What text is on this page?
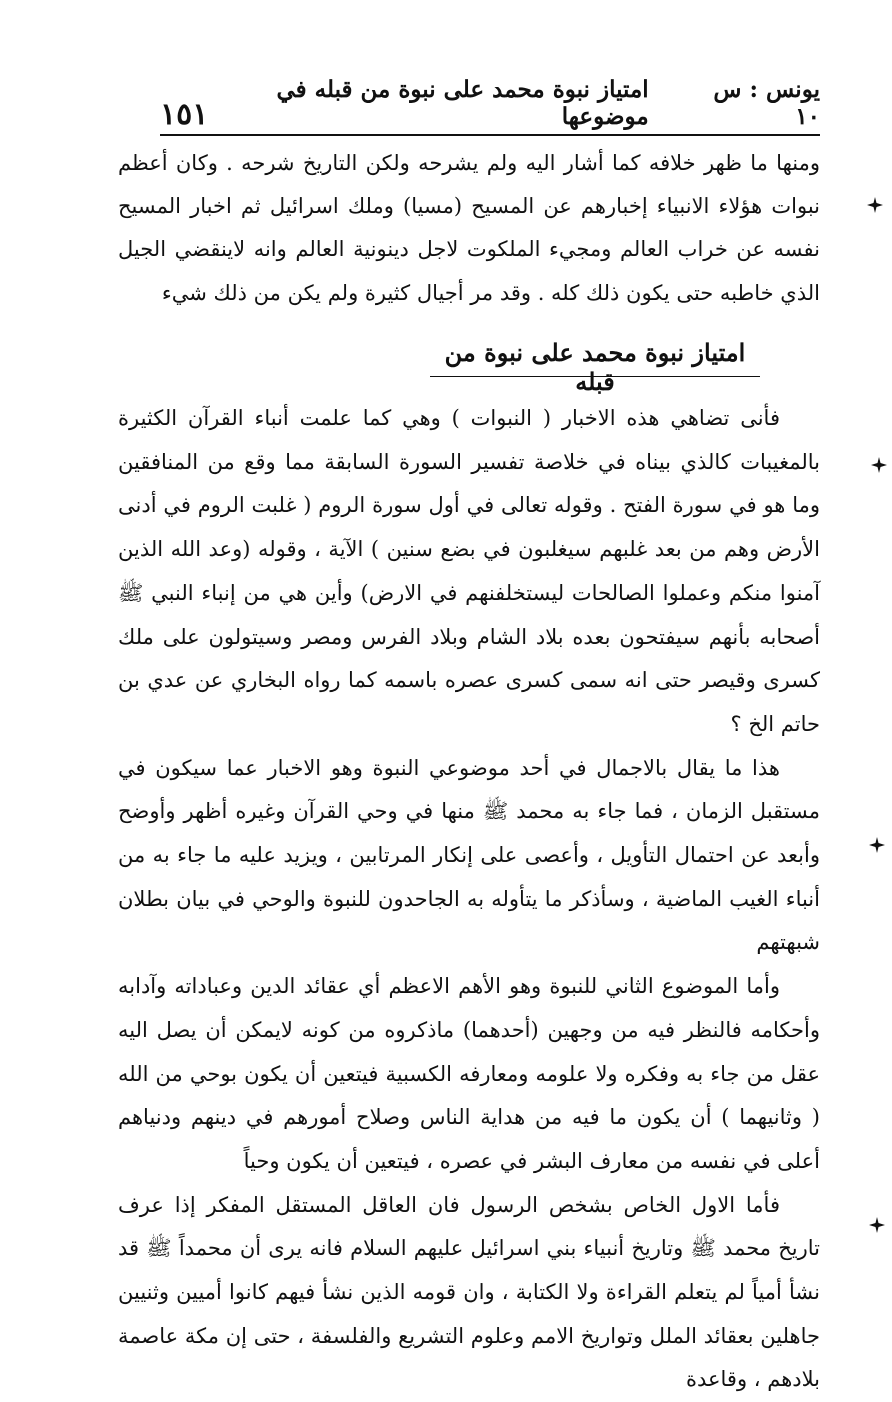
يونس : س ١٠
امتياز نبوة محمد على نبوة من قبله في موضوعها
١٥١

ومنها ما ظهر خلافه كما أشار اليه ولم يشرحه ولكن التاريخ شرحه . وكان أعظم نبوات هؤلاء الانبياء إخبارهم عن المسيح (مسيا) وملك اسرائيل ثم اخبار المسيح نفسه عن خراب العالم ومجيء الملكوت لاجل دينونية العالم وانه لاينقضي الجيل الذي خاطبه حتى يكون ذلك كله . وقد مر أجيال كثيرة ولم يكن من ذلك شيء

امتياز نبوة محمد على نبوة من قبله

فأنى تضاهي هذه الاخبار ( النبوات ) وهي كما علمت أنباء القرآن الكثيرة بالمغيبات كالذي بيناه في خلاصة تفسير السورة السابقة مما وقع من المنافقين وما هو في سورة الفتح . وقوله تعالى في أول سورة الروم ( غلبت الروم في أدنى الأرض وهم من بعد غلبهم سيغلبون في بضع سنين ) الآية ، وقوله (وعد الله الذين آمنوا منكم وعملوا الصالحات ليستخلفنهم في الارض) وأين هي من إنباء النبي ﷺ أصحابه بأنهم سيفتحون بعده بلاد الشام وبلاد الفرس ومصر وسيتولون على ملك كسرى وقيصر حتى انه سمى كسرى عصره باسمه كما رواه البخاري عن عدي بن حاتم الخ ؟

هذا ما يقال بالاجمال في أحد موضوعي النبوة وهو الاخبار عما سيكون في مستقبل الزمان ، فما جاء به محمد ﷺ منها في وحي القرآن وغيره أظهر وأوضح وأبعد عن احتمال التأويل ، وأعصى على إنكار المرتابين ، ويزيد عليه ما جاء به من أنباء الغيب الماضية ، وسأذكر ما يتأوله به الجاحدون للنبوة والوحي في بيان بطلان شبهتهم

وأما الموضوع الثاني للنبوة وهو الأهم الاعظم أي عقائد الدين وعباداته وآدابه وأحكامه فالنظر فيه من وجهين (أحدهما) ماذكروه من كونه لايمكن أن يصل اليه عقل من جاء به وفكره ولا علومه ومعارفه الكسبية فيتعين أن يكون بوحي من الله ( وثانيهما ) أن يكون ما فيه من هداية الناس وصلاح أمورهم في دينهم ودنياهم أعلى في نفسه من معارف البشر في عصره ، فيتعين أن يكون وحياً

فأما الاول الخاص بشخص الرسول فان العاقل المستقل المفكر إذا عرف تاريخ محمد ﷺ وتاريخ أنبياء بني اسرائيل عليهم السلام فانه يرى أن محمداً ﷺ قد نشأ أمياً لم يتعلم القراءة ولا الكتابة ، وان قومه الذين نشأ فيهم كانوا أميين وثنيين جاهلين بعقائد الملل وتواريخ الامم وعلوم التشريع والفلسفة ، حتى إن مكة عاصمة بلادهم ، وقاعدة
